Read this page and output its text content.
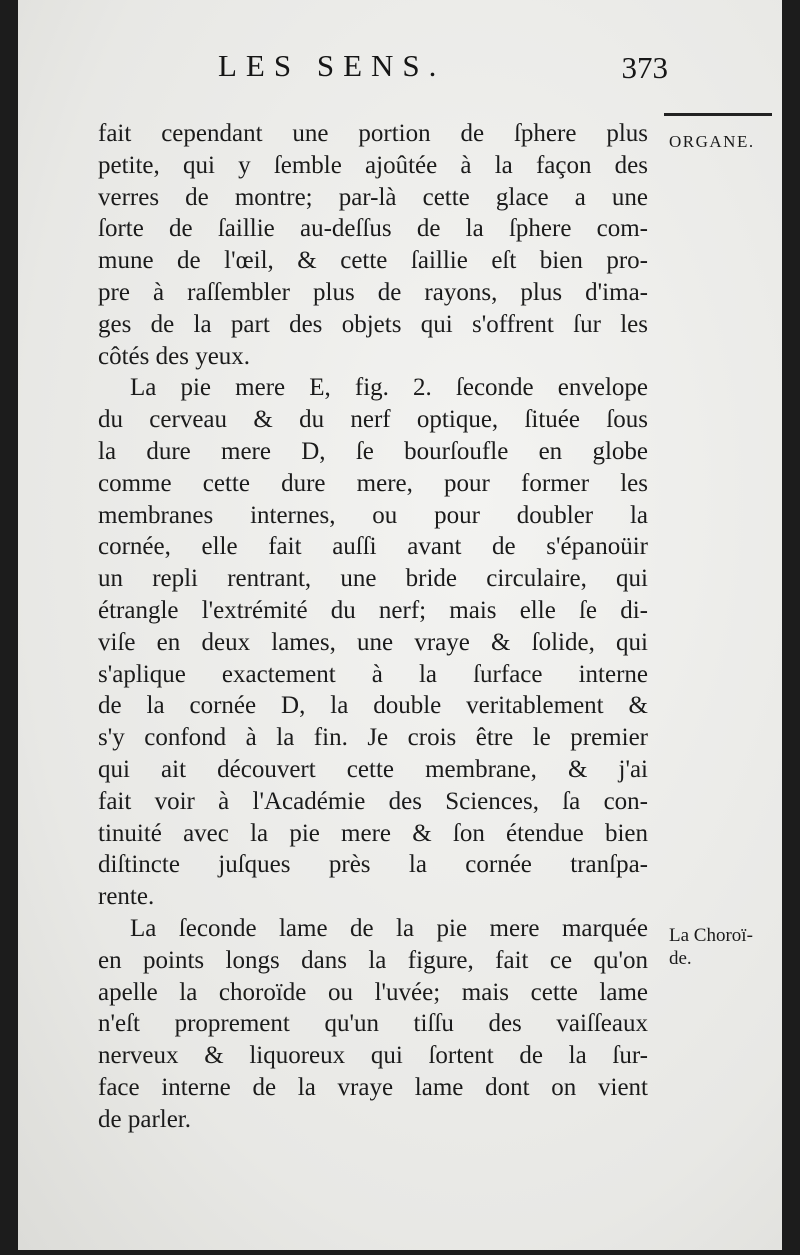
LES SENS.	373
ORGANE.
La Choroï-
de.
fait cependant une portion de ſphere plus
petite, qui y ſemble ajoûtée à la façon des
verres de montre; par-là cette glace a une
ſorte de ſaillie au-deſſus de la ſphere com-
mune de l'œil, & cette ſaillie eſt bien pro-
pre à raſſembler plus de rayons, plus d'ima-
ges de la part des objets qui s'offrent ſur les
côtés des yeux.
La pie mere E, fig. 2. ſeconde envelope
du cerveau & du nerf optique, ſituée ſous
la dure mere D, ſe bourſoufle en globe
comme cette dure mere, pour former les
membranes internes, ou pour doubler la
cornée, elle fait auſſi avant de s'épanoüir
un repli rentrant, une bride circulaire, qui
étrangle l'extrémité du nerf; mais elle ſe di-
viſe en deux lames, une vraye & ſolide, qui
s'aplique exactement à la ſurface interne
de la cornée D, la double veritablement &
s'y confond à la fin. Je crois être le premier
qui ait découvert cette membrane, & j'ai
fait voir à l'Académie des Sciences, ſa con-
tinuité avec la pie mere & ſon étendue bien
diſtincte juſques près la cornée tranſpa-
rente.
La ſeconde lame de la pie mere marquée
en points longs dans la figure, fait ce qu'on
apelle la choroïde ou l'uvée; mais cette lame
n'eſt proprement qu'un tiſſu des vaiſſeaux
nerveux & liquoreux qui ſortent de la ſur-
face interne de la vraye lame dont on vient
de parler.
